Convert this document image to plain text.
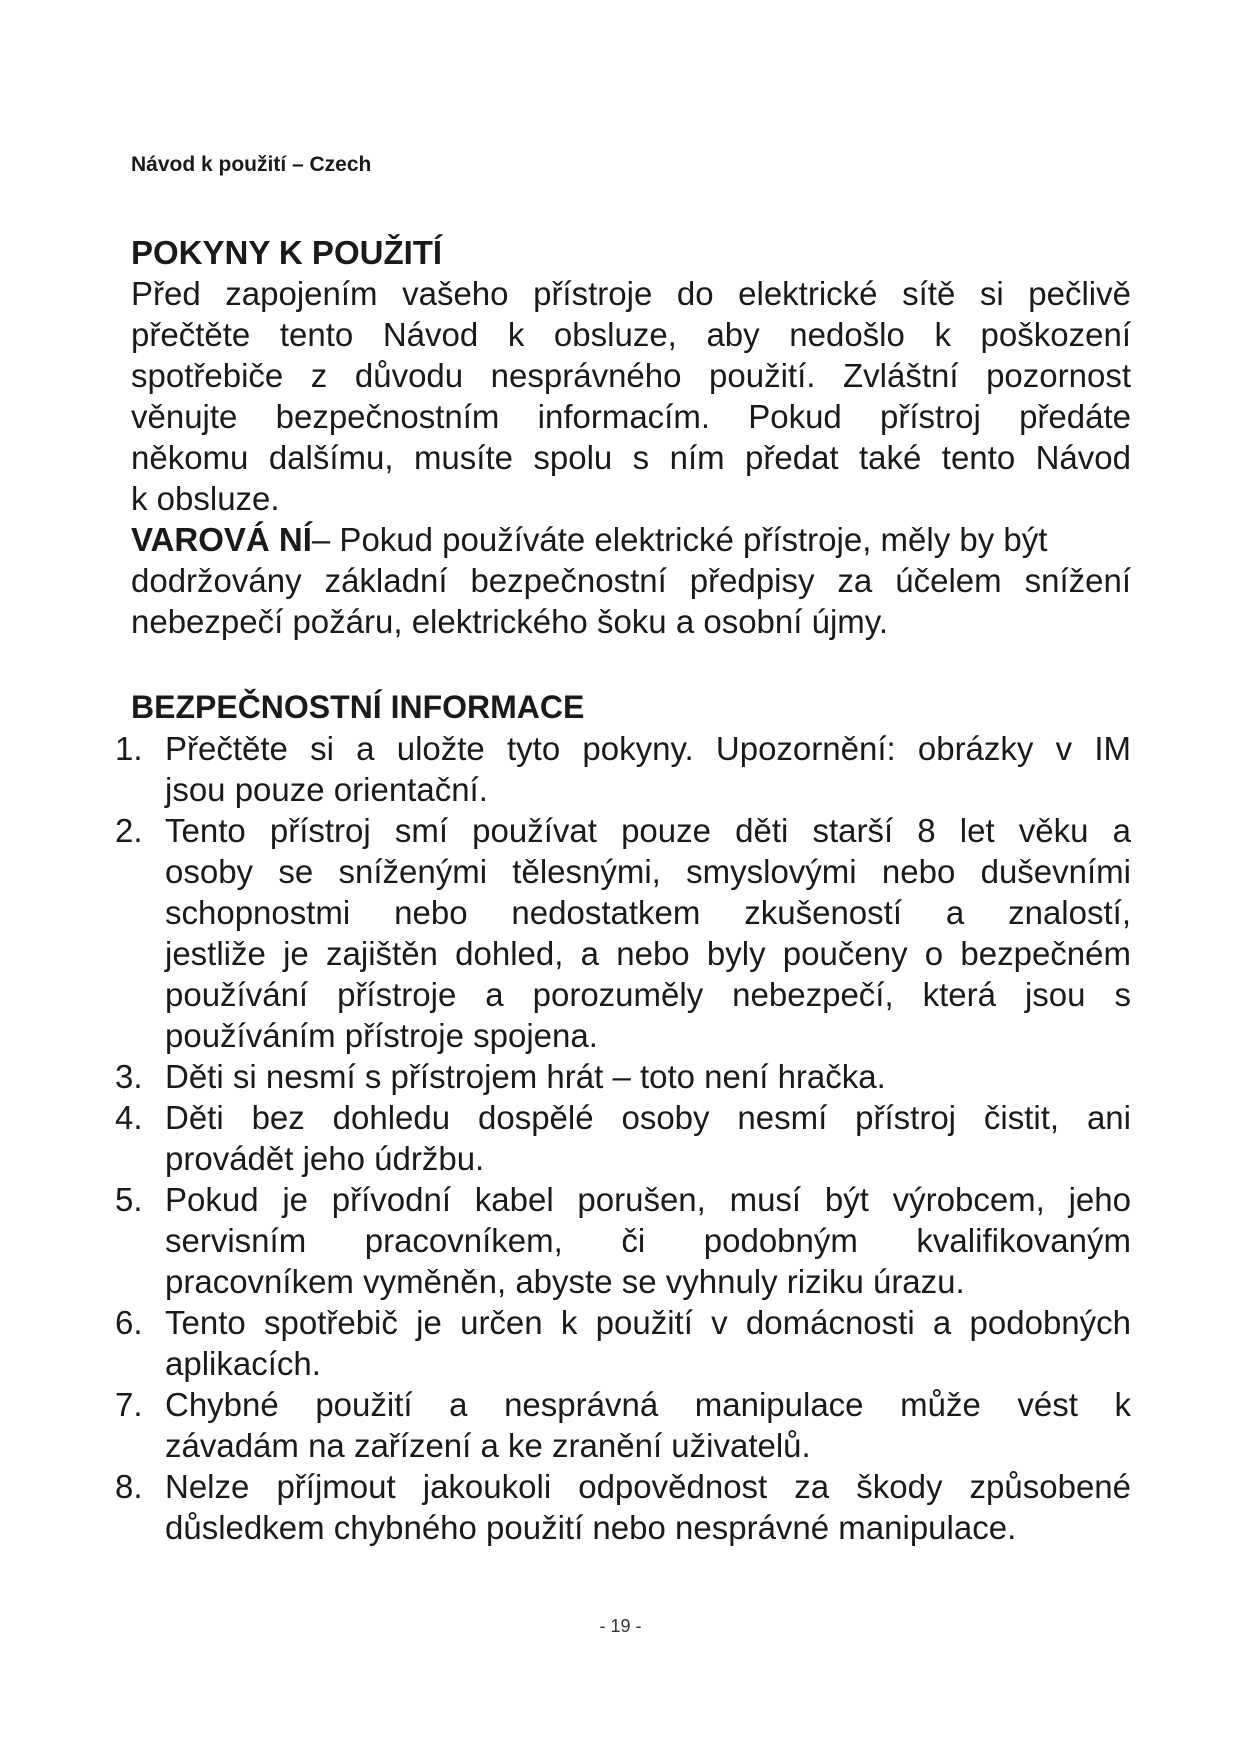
Návod k použití – Czech
POKYNY K POUŽITÍ

Před zapojením vašeho přístroje do elektrické sítě si pečlivě
přečtěte tento Návod k obsluze, aby nedošlo k poškození
spotřebiče z důvodu nesprávného použití. Zvláštní pozornost
věnujte bezpečnostním informacím. Pokud přístroj předáte
někomu dalšímu, musíte spolu s ním předat také tento Návod
k obsluze.

VAROVÁ NÍ– Pokud používáte elektrické přístroje, měly by být
dodržovány základní bezpečnostní předpisy za účelem snížení
nebezpečí požáru, elektrického šoku a osobní újmy.

BEZPEČNOSTNÍ INFORMACE
1. Přečtěte si a uložte tyto pokyny. Upozornění: obrázky v IM
jsou pouze orientační.
2. Tento přístroj smí používat pouze děti starší 8 let věku a
osoby se sníženými tělesnými, smyslovými nebo duševními
schopnostmi nebo nedostatkem zkušeností a znalostí,
jestliže je zajištěn dohled, a nebo byly poučeny o bezpečném
používání přístroje a porozuměly nebezpečí, která jsou s
používáním přístroje spojena.
3. Děti si nesmí s přístrojem hrát – toto není hračka.
4. Děti bez dohledu dospělé osoby nesmí přístroj čistit, ani
provádět jeho údržbu.
5. Pokud je přívodní kabel porušen, musí být výrobcem, jeho
servisním pracovníkem, či podobným kvalifikovaným
pracovníkem vyměněn, abyste se vyhnuly riziku úrazu.
6. Tento spotřebič je určen k použití v domácnosti a podobných
aplikacích.
7. Chybné použití a nesprávná manipulace může vést k
závadám na zařízení a ke zranění uživatelů.
8. Nelze příjmout jakoukoli odpovědnost za škody způsobené
důsledkem chybného použití nebo nesprávné manipulace.
- 19 -
